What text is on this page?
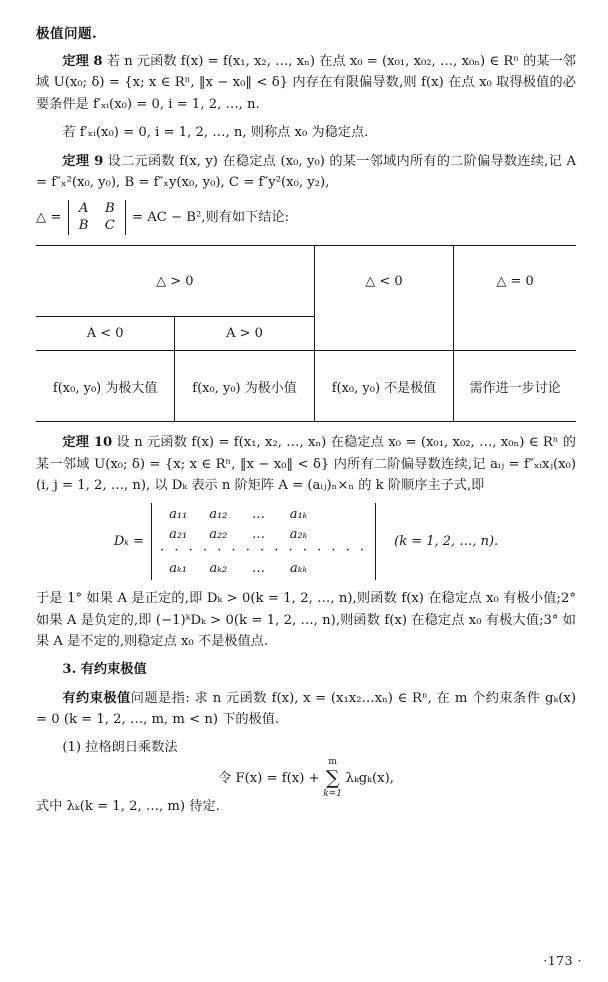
极值问题.

定理 8 若 n 元函数 f(x) = f(x₁, x₂, …, xₙ) 在点 x₀ = (x₀₁, x₀₂, …, x₀ₙ) ∈ Rⁿ 的某一邻域 U(x₀; δ) = {x; x ∈ Rⁿ, ‖x − x₀‖ < δ} 内存在有限偏导数,则 f(x) 在点 x₀ 取得极值的必要条件是 f′ₓᵢ(x₀) = 0, i = 1, 2, …, n.

若 f′ₓᵢ(x₀) = 0, i = 1, 2, …, n, 则称点 x₀ 为稳定点.

定理 9 设二元函数 f(x, y) 在稳定点 (x₀, y₀) 的某一邻域内所有的二阶偏导数连续,记 A = f″ₓ²(x₀, y₀), B = f″ₓy(x₀, y₀), C = f″y²(x₀, y₂),

△ =
A B
B C	= AC − B²,则有如下结论:

△ > 0		△ < 0	△ = 0
A < 0	A > 0		
f(x₀, y₀) 为极大值	f(x₀, y₀) 为极小值	f(x₀, y₀) 不是极值	需作进一步讨论

定理 10 设 n 元函数 f(x) = f(x₁, x₂, …, xₙ) 在稳定点 x₀ = (x₀₁, x₀₂, …, x₀ₙ) ∈ Rⁿ 的某一邻域 U(x₀; δ) = {x; x ∈ Rⁿ, ‖x − x₀‖ < δ} 内所有二阶偏导数连续,记 aᵢⱼ = f″ₓᵢxⱼ(x₀)(i, j = 1, 2, …, n), 以 Dₖ 表示 n 阶矩阵 A = (aᵢⱼ)ₙ×ₙ 的 k 阶顺序主子式,即

Dₖ =
a₁₁ a₁₂ … a₁ₖ
a₂₁ a₂₂ … a₂ₖ
· · · · · · · · · · · · · · ·
aₖ₁ aₖ₂ … aₖₖ
(k = 1, 2, …, n).

于是 1° 如果 A 是正定的,即 Dₖ > 0(k = 1, 2, …, n),则函数 f(x) 在稳定点 x₀ 有极小值;2° 如果 A 是负定的,即 (−1)ᵏDₖ > 0(k = 1, 2, …, n),则函数 f(x) 在稳定点 x₀ 有极大值;3° 如果 A 是不定的,则稳定点 x₀ 不是极值点.

3. 有约束极值

有约束极值问题是指: 求 n 元函数 f(x), x = (x₁x₂…xₙ) ∈ Rⁿ, 在 m 个约束条件 gₖ(x) = 0 (k = 1, 2, …, m, m < n) 下的极值.

(1) 拉格朗日乘数法

令 F(x) = f(x) + ∑
m
k=1
λₖgₖ(x),

式中 λₖ(k = 1, 2, …, m) 待定.

·173 ·
